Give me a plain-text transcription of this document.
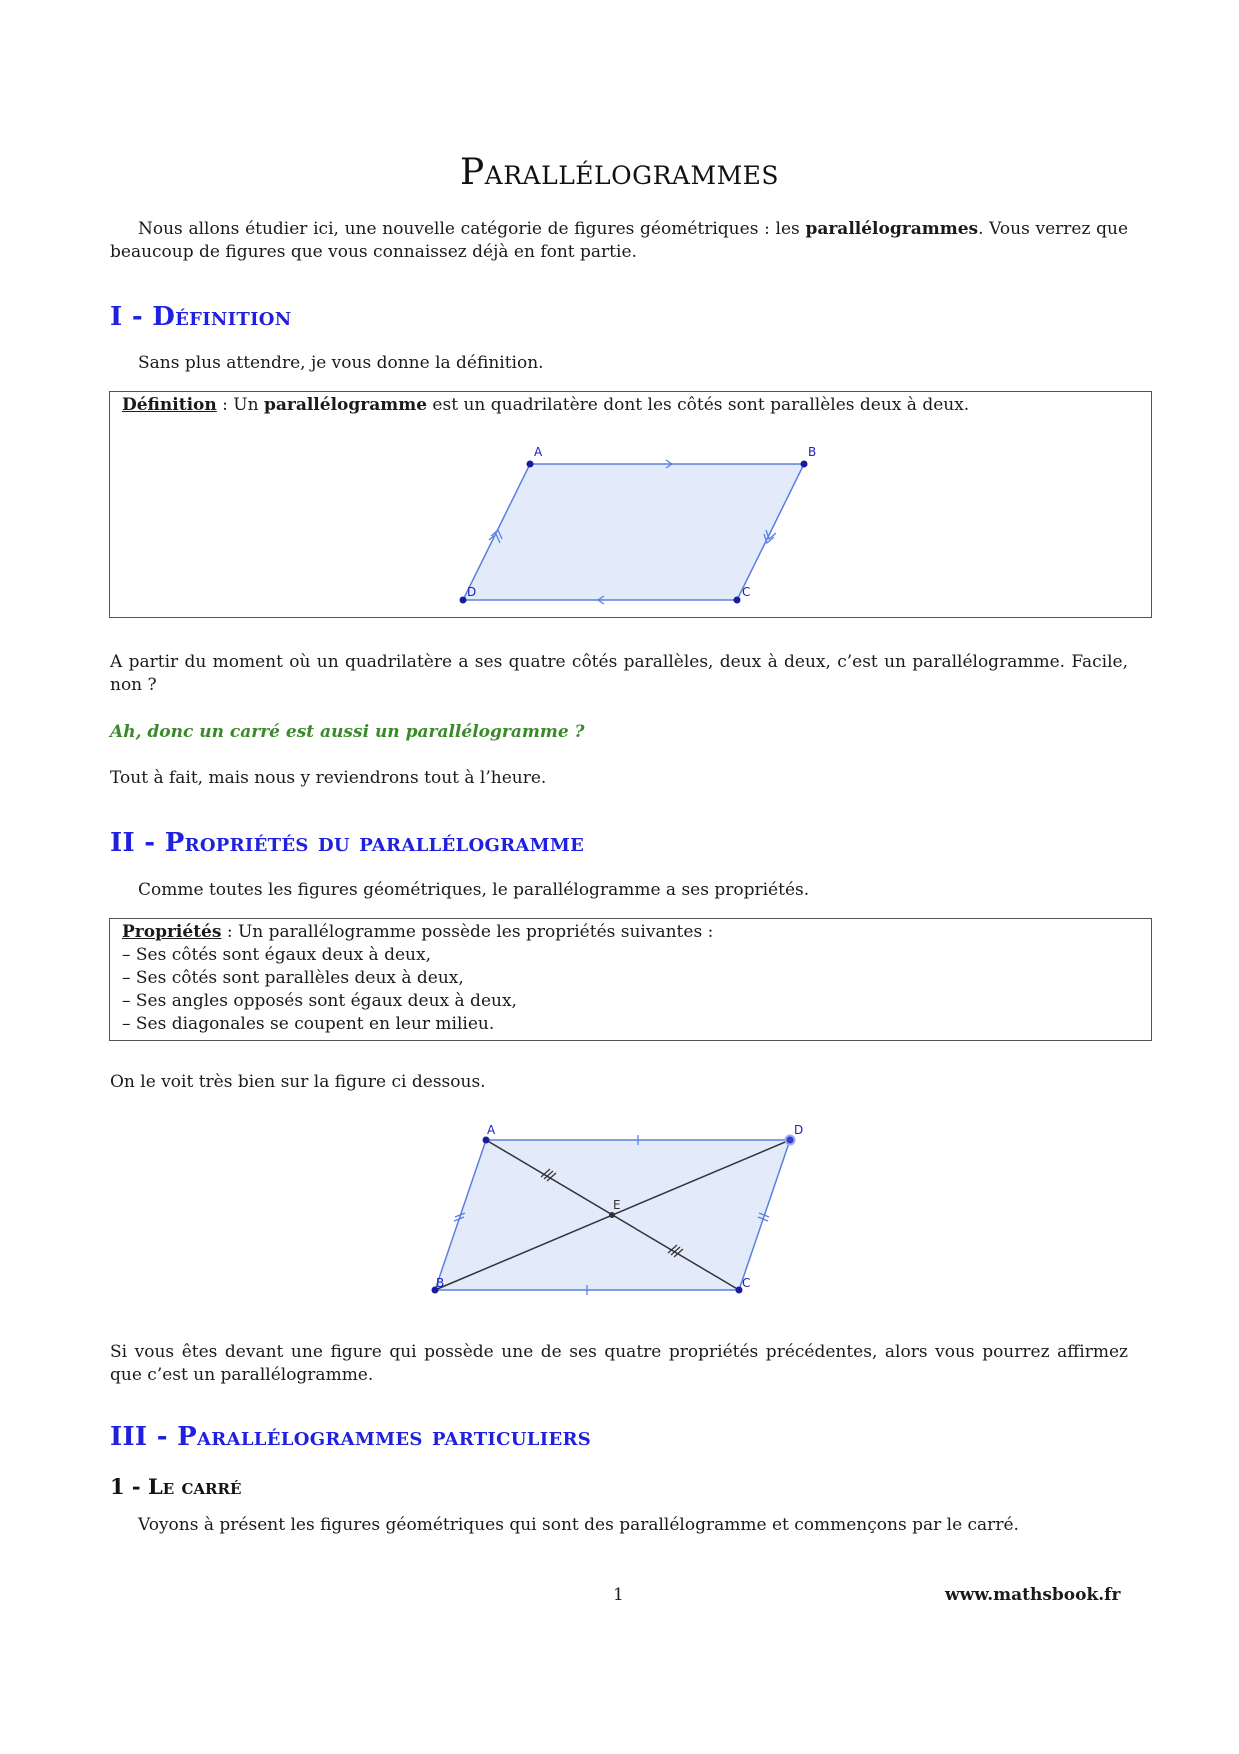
Parallélogrammes
Nous allons étudier ici, une nouvelle catégorie de figures géométriques : les parallélogrammes. Vous verrez que beaucoup de figures que vous connaissez déjà en font partie.
I - Définition
Sans plus attendre, je vous donne la définition.
Définition : Un parallélogramme est un quadrilatère dont les côtés sont parallèles deux à deux.
A	B
C
D
A partir du moment où un quadrilatère a ses quatre côtés parallèles, deux à deux, c’est un parallélogramme. Facile, non ?
Ah, donc un carré est aussi un parallélogramme ?
Tout à fait, mais nous y reviendrons tout à l’heure.
II - Propriétés du parallélogramme
Comme toutes les figures géométriques, le parallélogramme a ses propriétés.
Propriétés : Un parallélogramme possède les propriétés suivantes :
– Ses côtés sont égaux deux à deux,
– Ses côtés sont parallèles deux à deux,
– Ses angles opposés sont égaux deux à deux,
– Ses diagonales se coupent en leur milieu.
On le voit très bien sur la figure ci dessous.
A	D
C
B
E
Si vous êtes devant une figure qui possède une de ses quatre propriétés précédentes, alors vous pourrez affirmez que c’est un parallélogramme.
III - Parallélogrammes particuliers
1 - Le carré
Voyons à présent les figures géométriques qui sont des parallélogramme et commençons par le carré.
1	www.mathsbook.fr
